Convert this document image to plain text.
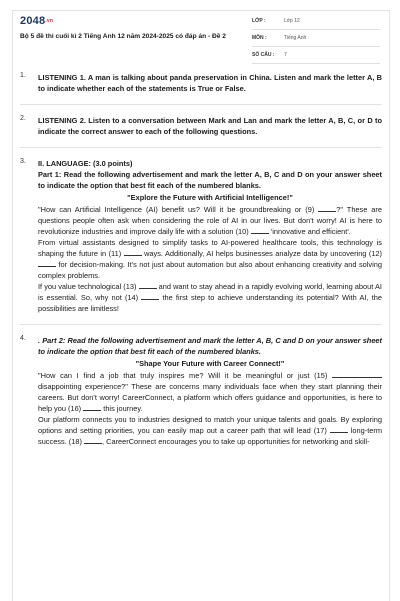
2048.vn
Bộ 5 đề thi cuối kì 2 Tiếng Anh 12 năm 2024-2025 có đáp án - Đề 2
LỚP :	Lớp 12
MÔN :	Tiếng Anh
SỐ CÂU : 7
1. LISTENING 1. A man is talking about panda preservation in China. Listen and mark the letter A, B to indicate whether each of the statements is True or False.

2. LISTENING 2. Listen to a conversation between Mark and Lan and mark the letter A, B, C, or D to indicate the correct answer to each of the following questions.

3. II. LANGUAGE: (3.0 points)

Part 1: Read the following advertisement and mark the letter A, B, C and D on your answer sheet to indicate the option that best fit each of the numbered blanks.

"Explore the Future with Artificial Intelligence!"

"How can Artificial Intelligence (AI) benefit us? Will it be groundbreaking or (9)	?" These are questions people often ask when considering the role of AI in our lives. But don't worry! AI is here to revolutionize industries and improve daily life with a solution (10)	'innovative and efficient'.

From virtual assistants designed to simplify tasks to AI-powered healthcare tools, this technology is shaping the future in (11)	ways. Additionally, AI helps businesses analyze data by uncovering (12)  for decision-making. It's not just about automation but also about enhancing creativity and solving complex problems.

If you value technological (13)	and want to stay ahead in a rapidly evolving world, learning about AI is essential. So, why not (14)	the first step to achieve understanding its potential? With AI, the possibilities are limitless!

4. . Part 2: Read the following advertisement and mark the letter A, B, C and D on your answer sheet to indicate the option that best fit each of the numbered blanks.

"Shape Your Future with Career Connect!"

"How can I find a job that truly inspires me? Will it be meaningful or just (15)  disappointing experience?" These are concerns many individuals face when they start planning their careers. But don't worry! CareerConnect, a platform which offers guidance and opportunities, is here to help you (16)	this journey.

Our platform connects you to industries designed to match your unique talents and goals. By exploring options and setting priorities, you can easily map out a career path that will lead (17)	long-term success. (18)	, CareerConnect encourages you to take up opportunities for networking and skill-
